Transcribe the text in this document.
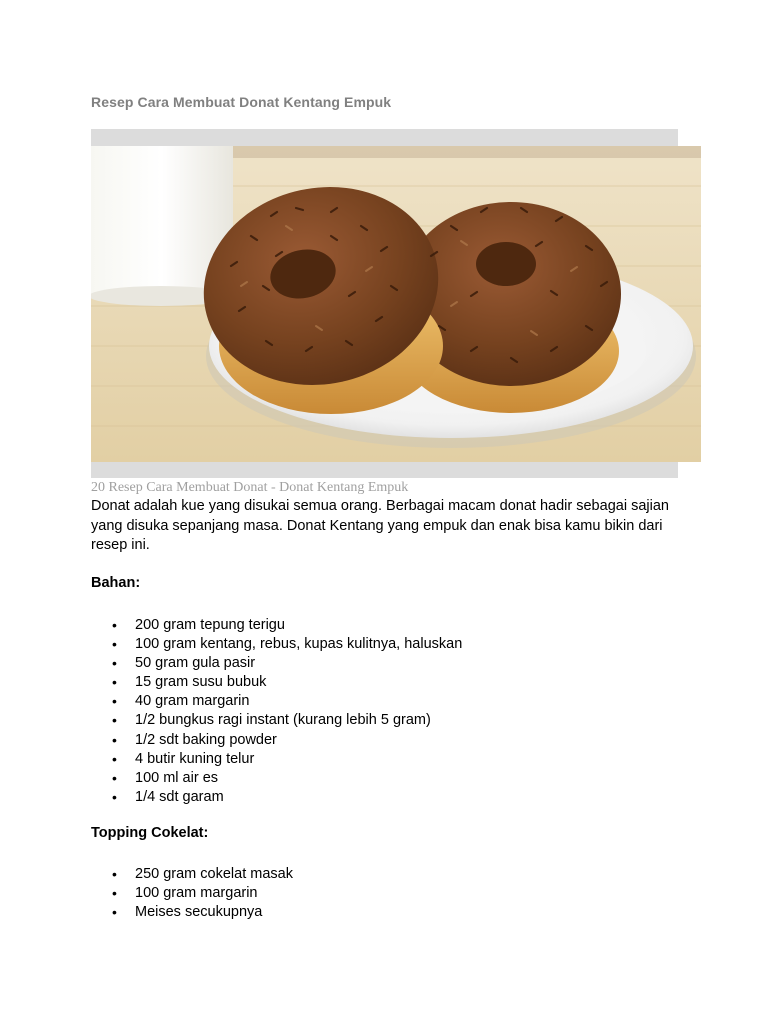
Resep Cara Membuat Donat Kentang Empuk
20 Resep Cara Membuat Donat - Donat Kentang Empuk
Donat adalah kue yang disukai semua orang. Berbagai macam donat hadir sebagai sajian yang disuka sepanjang masa. Donat Kentang yang empuk dan enak bisa kamu bikin dari resep ini.
Bahan:
• 200 gram tepung terigu
• 100 gram kentang, rebus, kupas kulitnya, haluskan
• 50 gram gula pasir
• 15 gram susu bubuk
• 40 gram margarin
• 1/2 bungkus ragi instant (kurang lebih 5 gram)
• 1/2 sdt baking powder
• 4 butir kuning telur
• 100 ml air es
• 1/4 sdt garam
Topping Cokelat:
• 250 gram cokelat masak
• 100 gram margarin
• Meises secukupnya
